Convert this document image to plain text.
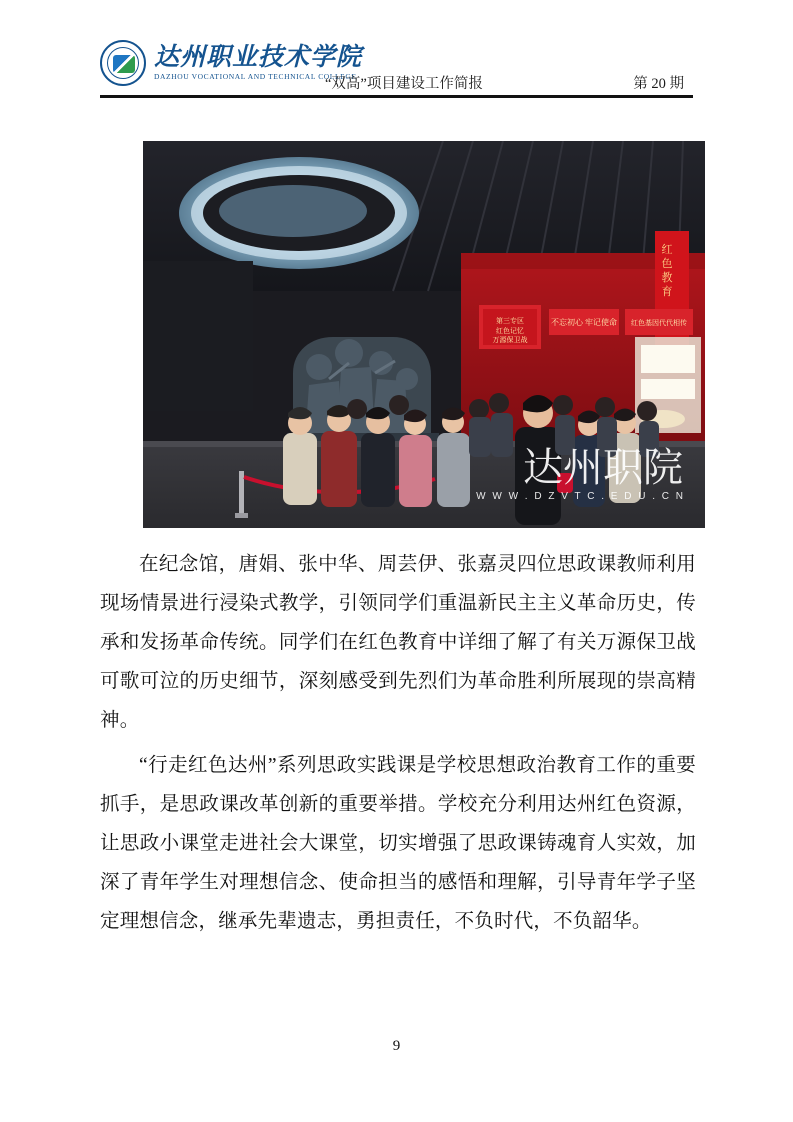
达州职业技术学院
DAZHOU VOCATIONAL AND TECHNICAL COLLEGE
“双高”项目建设工作简报	第 20 期
红
色
教
育
第三专区
红色记忆
万源保卫战
不忘初心 牢记使命 红色基因代代相传
达州职院
W W W . D Z V T C . E D U . C N

在纪念馆，唐娟、张中华、周芸伊、张嘉灵四位思政课教师利用现场情景进行浸染式教学，引领同学们重温新民主主义革命历史，传承和发扬革命传统。同学们在红色教育中详细了解了有关万源保卫战可歌可泣的历史细节，深刻感受到先烈们为革命胜利所展现的崇高精神。

“行走红色达州”系列思政实践课是学校思想政治教育工作的重要抓手，是思政课改革创新的重要举措。学校充分利用达州红色资源，让思政小课堂走进社会大课堂，切实增强了思政课铸魂育人实效，加深了青年学生对理想信念、使命担当的感悟和理解，引导青年学子坚定理想信念，继承先辈遗志，勇担责任，不负时代，不负韶华。

9
